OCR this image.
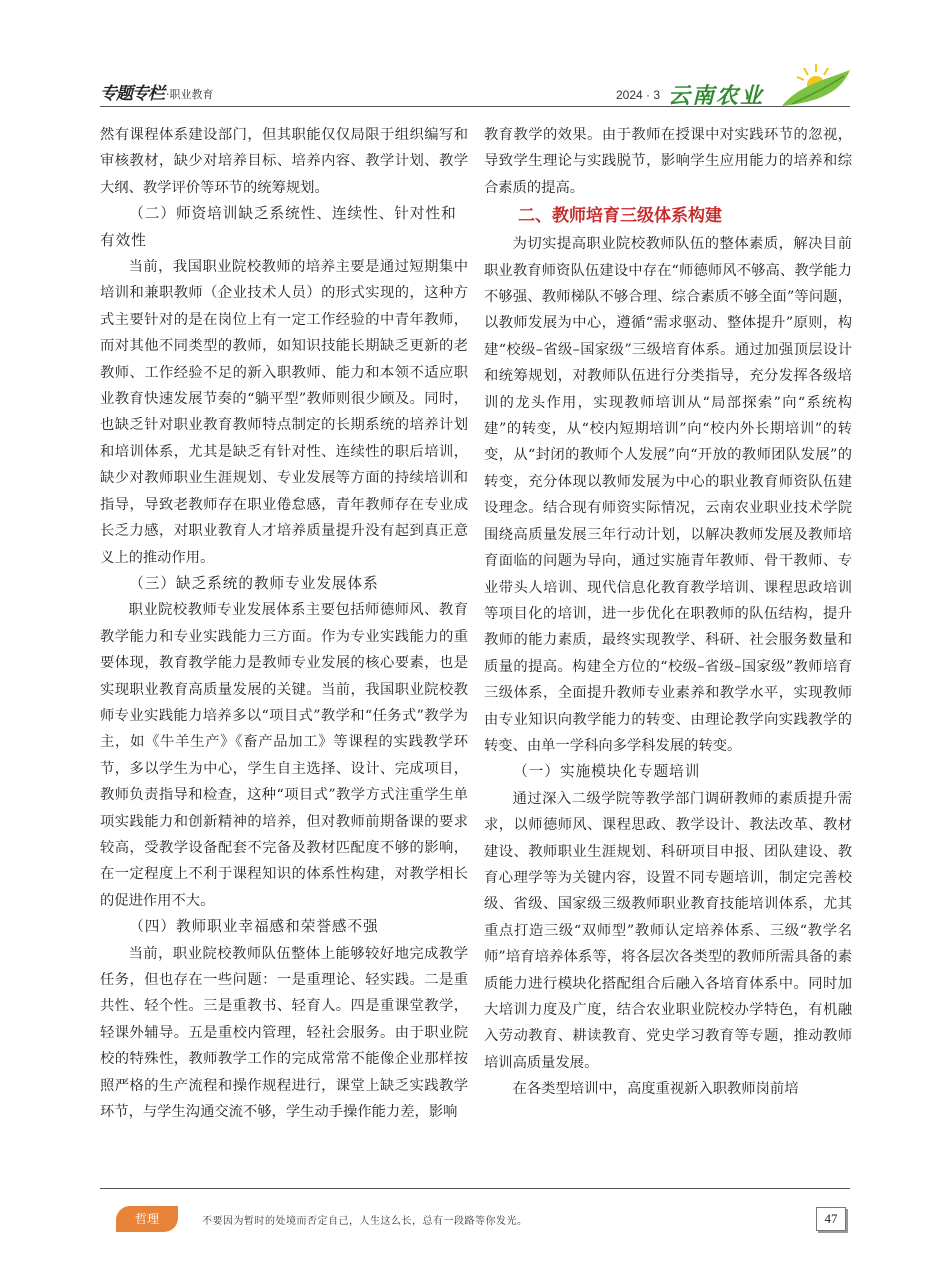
专题专栏 ·职业教育	2024 · 3 云南农业

然有课程体系建设部门，但其职能仅仅局限于组织编写和审核教材，缺少对培养目标、培养内容、教学计划、教学大纲、教学评价等环节的统筹规划。

（二）师资培训缺乏系统性、连续性、针对性和有效性

当前，我国职业院校教师的培养主要是通过短期集中培训和兼职教师（企业技术人员）的形式实现的，这种方式主要针对的是在岗位上有一定工作经验的中青年教师，而对其他不同类型的教师，如知识技能长期缺乏更新的老教师、工作经验不足的新入职教师、能力和本领不适应职业教育快速发展节奏的“躺平型”教师则很少顾及。同时，也缺乏针对职业教育教师特点制定的长期系统的培养计划和培训体系，尤其是缺乏有针对性、连续性的职后培训，缺少对教师职业生涯规划、专业发展等方面的持续培训和指导，导致老教师存在职业倦怠感，青年教师存在专业成长乏力感，对职业教育人才培养质量提升没有起到真正意义上的推动作用。

（三）缺乏系统的教师专业发展体系

职业院校教师专业发展体系主要包括师德师风、教育教学能力和专业实践能力三方面。作为专业实践能力的重要体现，教育教学能力是教师专业发展的核心要素，也是实现职业教育高质量发展的关键。当前，我国职业院校教师专业实践能力培养多以“项目式”教学和“任务式”教学为主，如《牛羊生产》《畜产品加工》等课程的实践教学环节，多以学生为中心，学生自主选择、设计、完成项目，教师负责指导和检查，这种“项目式”教学方式注重学生单项实践能力和创新精神的培养，但对教师前期备课的要求较高，受教学设备配套不完备及教材匹配度不够的影响，在一定程度上不利于课程知识的体系性构建，对教学相长的促进作用不大。

（四）教师职业幸福感和荣誉感不强

当前，职业院校教师队伍整体上能够较好地完成教学任务，但也存在一些问题：一是重理论、轻实践。二是重共性、轻个性。三是重教书、轻育人。四是重课堂教学，轻课外辅导。五是重校内管理，轻社会服务。由于职业院校的特殊性，教师教学工作的完成常常不能像企业那样按照严格的生产流程和操作规程进行，课堂上缺乏实践教学环节，与学生沟通交流不够，学生动手操作能力差，影响

教育教学的效果。由于教师在授课中对实践环节的忽视，导致学生理论与实践脱节，影响学生应用能力的培养和综合素质的提高。

二、教师培育三级体系构建

为切实提高职业院校教师队伍的整体素质，解决目前职业教育师资队伍建设中存在“师德师风不够高、教学能力不够强、教师梯队不够合理、综合素质不够全面”等问题，以教师发展为中心，遵循“需求驱动、整体提升”原则，构建“校级–省级–国家级”三级培育体系。通过加强顶层设计和统筹规划，对教师队伍进行分类指导，充分发挥各级培训的龙头作用，实现教师培训从“局部探索”向“系统构建”的转变，从“校内短期培训”向“校内外长期培训”的转变，从“封闭的教师个人发展”向“开放的教师团队发展”的转变，充分体现以教师发展为中心的职业教育师资队伍建设理念。结合现有师资实际情况，云南农业职业技术学院围绕高质量发展三年行动计划，以解决教师发展及教师培育面临的问题为导向，通过实施青年教师、骨干教师、专业带头人培训、现代信息化教育教学培训、课程思政培训等项目化的培训，进一步优化在职教师的队伍结构，提升教师的能力素质，最终实现教学、科研、社会服务数量和质量的提高。构建全方位的“校级–省级–国家级”教师培育三级体系，全面提升教师专业素养和教学水平，实现教师由专业知识向教学能力的转变、由理论教学向实践教学的转变、由单一学科向多学科发展的转变。

（一）实施模块化专题培训

通过深入二级学院等教学部门调研教师的素质提升需求，以师德师风、课程思政、教学设计、教法改革、教材建设、教师职业生涯规划、科研项目申报、团队建设、教育心理学等为关键内容，设置不同专题培训，制定完善校级、省级、国家级三级教师职业教育技能培训体系，尤其重点打造三级“双师型”教师认定培养体系、三级“教学名师”培育培养体系等，将各层次各类型的教师所需具备的素质能力进行模块化搭配组合后融入各培育体系中。同时加大培训力度及广度，结合农业职业院校办学特色，有机融入劳动教育、耕读教育、党史学习教育等专题，推动教师培训高质量发展。

在各类型培训中，高度重视新入职教师岗前培

哲理	不要因为暂时的处境而否定自己，人生这么长，总有一段路等你发光。	47
